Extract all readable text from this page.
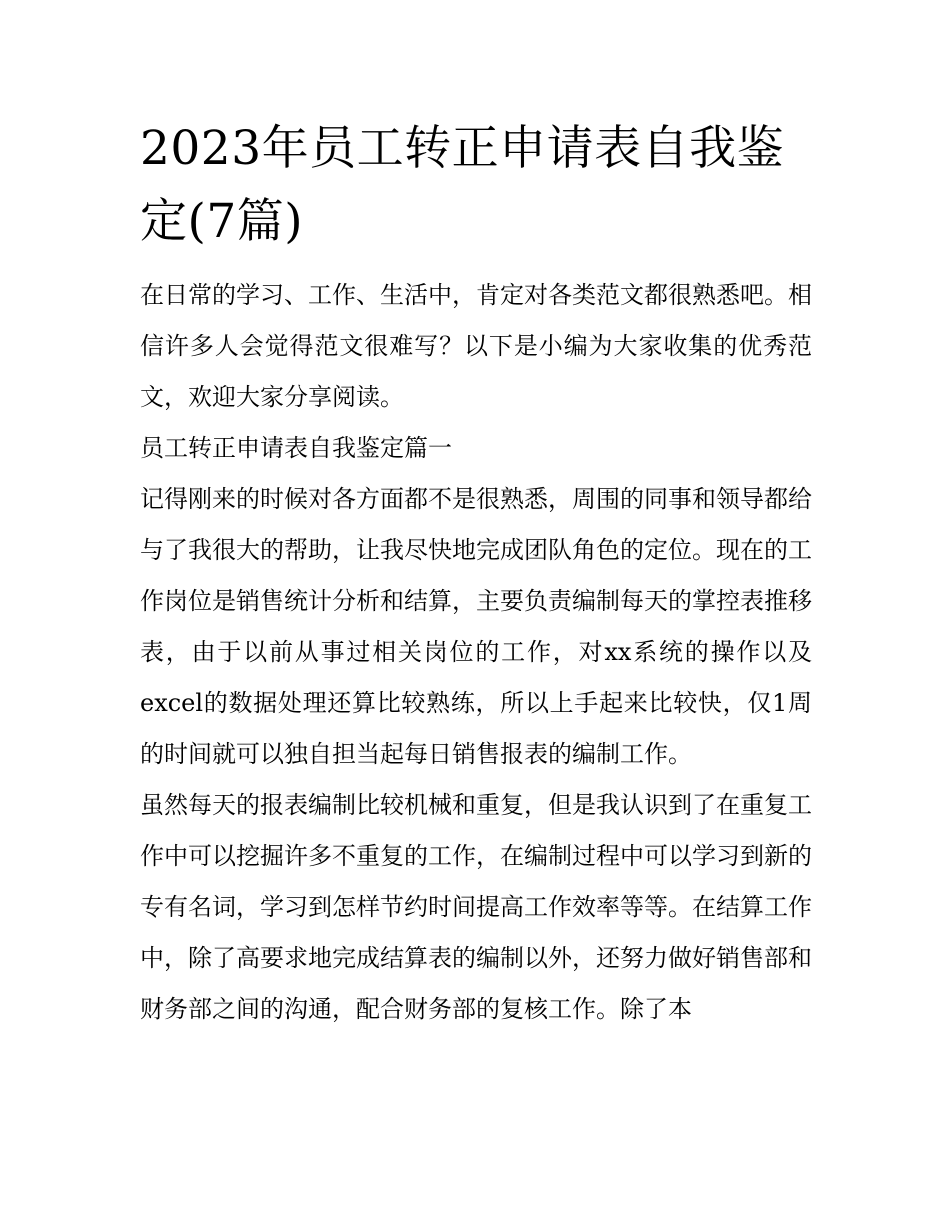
2023年员工转正申请表自我鉴
定(7篇)

在日常的学习、工作、生活中，肯定对各类范文都很熟悉吧。相信许多人会觉得范文很难写？以下是小编为大家收集的优秀范文，欢迎大家分享阅读。

员工转正申请表自我鉴定篇一

记得刚来的时候对各方面都不是很熟悉，周围的同事和领导都给与了我很大的帮助，让我尽快地完成团队角色的定位。现在的工作岗位是销售统计分析和结算，主要负责编制每天的掌控表推移表，由于以前从事过相关岗位的工作，对xx系统的操作以及excel的数据处理还算比较熟练，所以上手起来比较快，仅1周的时间就可以独自担当起每日销售报表的编制工作。

虽然每天的报表编制比较机械和重复，但是我认识到了在重复工作中可以挖掘许多不重复的工作，在编制过程中可以学习到新的专有名词，学习到怎样节约时间提高工作效率等等。在结算工作中，除了高要求地完成结算表的编制以外，还努力做好销售部和财务部之间的沟通，配合财务部的复核工作。除了本
